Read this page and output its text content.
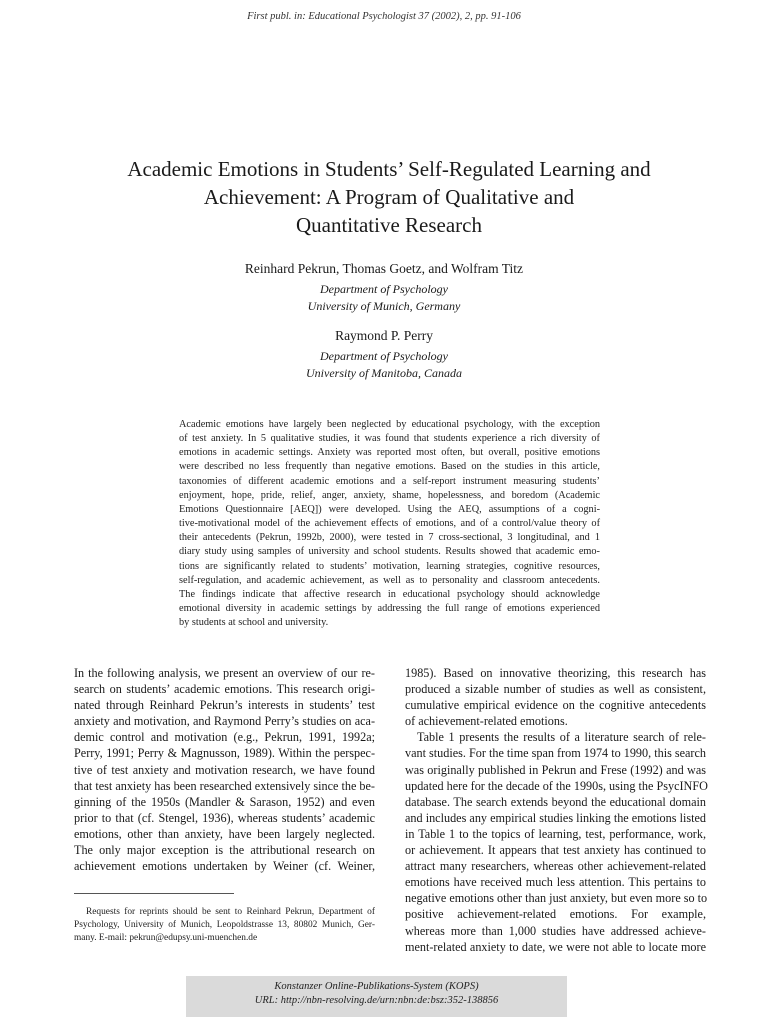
First publ. in: Educational Psychologist 37 (2002), 2, pp. 91-106
Academic Emotions in Students’ Self-Regulated Learning and
Achievement: A Program of Qualitative and
Quantitative Research
Reinhard Pekrun, Thomas Goetz, and Wolfram Titz
Department of Psychology
University of Munich, Germany
Raymond P. Perry
Department of Psychology
University of Manitoba, Canada
Academic emotions have largely been neglected by educational psychology, with the exception
of test anxiety. In 5 qualitative studies, it was found that students experience a rich diversity of
emotions in academic settings. Anxiety was reported most often, but overall, positive emotions
were described no less frequently than negative emotions. Based on the studies in this article,
taxonomies of different academic emotions and a self-report instrument measuring students’
enjoyment, hope, pride, relief, anger, anxiety, shame, hopelessness, and boredom (Academic
Emotions Questionnaire [AEQ]) were developed. Using the AEQ, assumptions of a cogni-
tive-motivational model of the achievement effects of emotions, and of a control/value theory of
their antecedents (Pekrun, 1992b, 2000), were tested in 7 cross-sectional, 3 longitudinal, and 1
diary study using samples of university and school students. Results showed that academic emo-
tions are significantly related to students’ motivation, learning strategies, cognitive resources,
self-regulation, and academic achievement, as well as to personality and classroom antecedents.
The findings indicate that affective research in educational psychology should acknowledge
emotional diversity in academic settings by addressing the full range of emotions experienced
by students at school and university.
In the following analysis, we present an overview of our re-
search on students’ academic emotions. This research origi-
nated through Reinhard Pekrun’s interests in students’ test
anxiety and motivation, and Raymond Perry’s studies on aca-
demic control and motivation (e.g., Pekrun, 1991, 1992a;
Perry, 1991; Perry & Magnusson, 1989). Within the perspec-
tive of test anxiety and motivation research, we have found
that test anxiety has been researched extensively since the be-
ginning of the 1950s (Mandler & Sarason, 1952) and even
prior to that (cf. Stengel, 1936), whereas students’ academic
emotions, other than anxiety, have been largely neglected.
The only major exception is the attributional research on
achievement emotions undertaken by Weiner (cf. Weiner,
1985). Based on innovative theorizing, this research has
produced a sizable number of studies as well as consistent,
cumulative empirical evidence on the cognitive antecedents
of achievement-related emotions.
Table 1 presents the results of a literature search of rele-
vant studies. For the time span from 1974 to 1990, this search
was originally published in Pekrun and Frese (1992) and was
updated here for the decade of the 1990s, using the PsycINFO
database. The search extends beyond the educational domain
and includes any empirical studies linking the emotions listed
in Table 1 to the topics of learning, test, performance, work,
or achievement. It appears that test anxiety has continued to
attract many researchers, whereas other achievement-related
emotions have received much less attention. This pertains to
negative emotions other than just anxiety, but even more so to
positive achievement-related emotions. For example,
whereas more than 1,000 studies have addressed achieve-
ment-related anxiety to date, we were not able to locate more
Requests for reprints should be sent to Reinhard Pekrun, Department of
Psychology, University of Munich, Leopoldstrasse 13, 80802 Munich, Ger-
many. E-mail: pekrun@edupsy.uni-muenchen.de
Konstanzer Online-Publikations-System (KOPS)
URL: http://nbn-resolving.de/urn:nbn:de:bsz:352-138856
